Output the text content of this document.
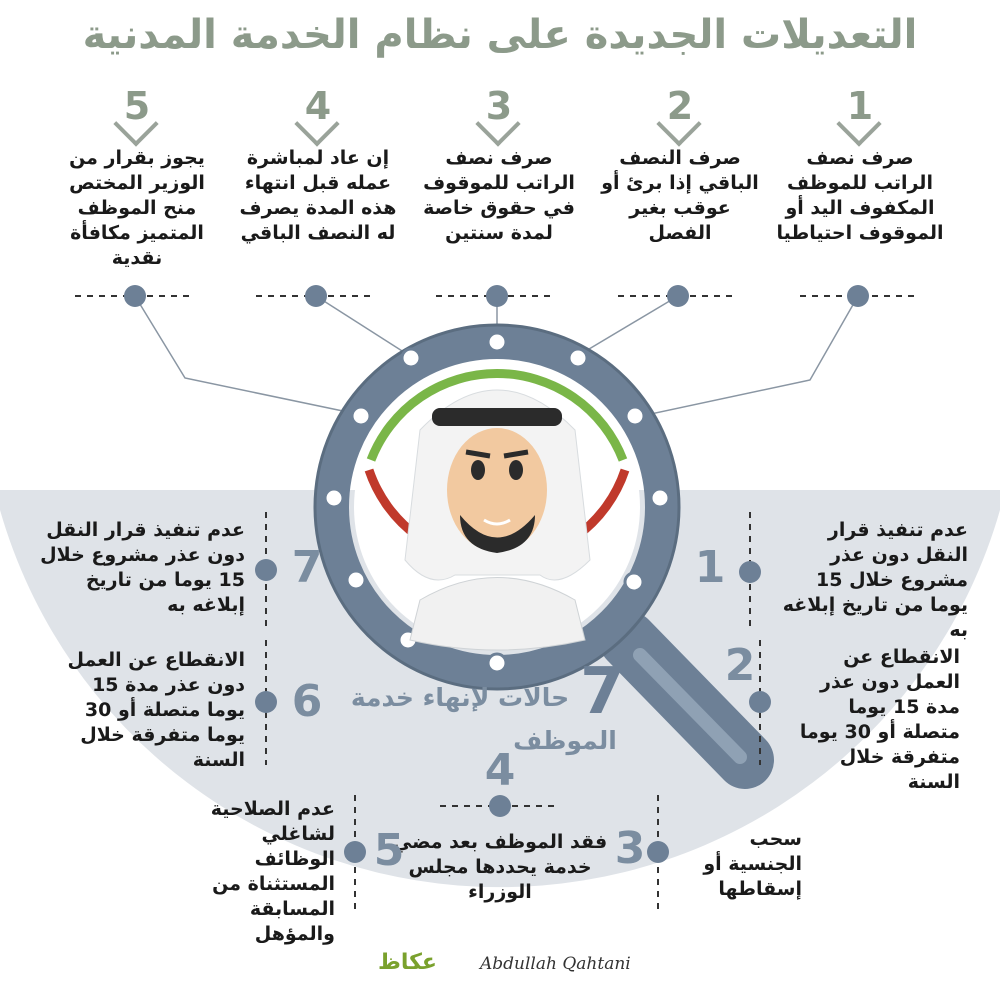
التعديلات الجديدة على نظام الخدمة المدنية
1
صرف نصف الراتب للموظف المكفوف اليد أو الموقوف احتياطيا
2
صرف النصف الباقي إذا برئ أو عوقب بغير الفصل
3
صرف نصف الراتب للموقوف في حقوق خاصة لمدة سنتين
4
إن عاد لمباشرة عمله قبل انتهاء هذه المدة يصرف له النصف الباقي
5
يجوز بقرار من الوزير المختص منح الموظف المتميز مكافأة نقدية
7
حالات لإنهاء خدمة
الموظف
1
عدم تنفيذ قرار النقل دون عذر مشروع خلال 15 يوما من تاريخ إبلاغه به
2	الانقطاع عن العمل دون عذر مدة 15 يوما متصلة أو 30 يوما متفرقة خلال السنة
3	سحب الجنسية أو إسقاطها
4
فقد الموظف بعد مضي خدمة يحددها مجلس الوزراء
عدم الصلاحية لشاغلي الوظائف المستثناة من المسابقة والمؤهل
5
الانقطاع عن العمل دون عذر مدة 15 يوما متصلة أو 30 يوما متفرقة خلال السنة
6
عدم تنفيذ قرار النقل دون عذر مشروع خلال 15 يوما من تاريخ إبلاغه به
7
عكاظ	Abdullah Qahtani
